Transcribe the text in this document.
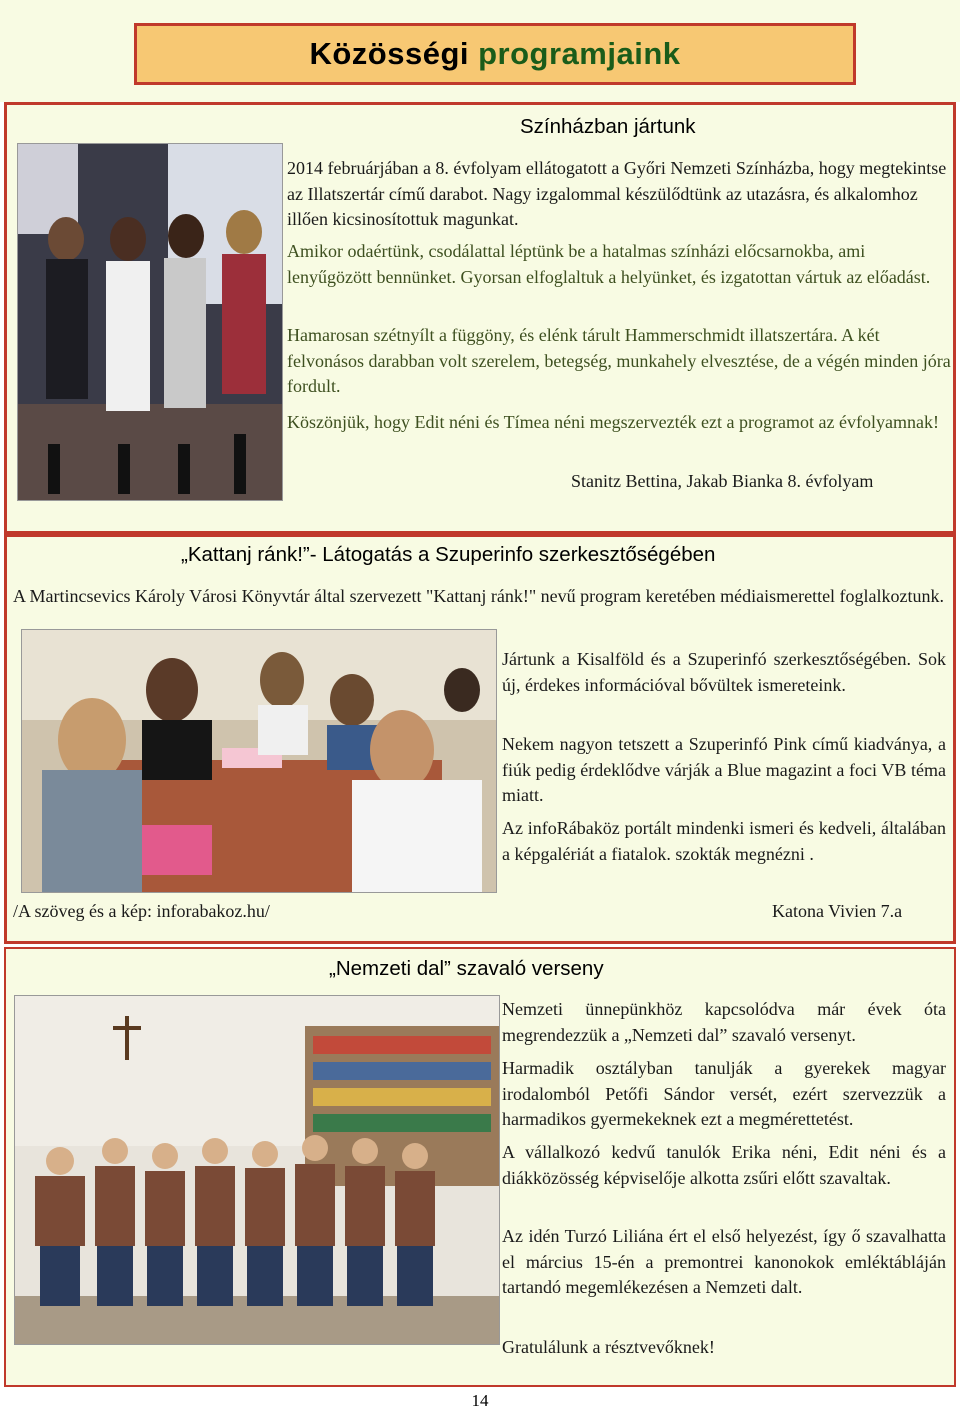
Közösségi programjaink
Színházban jártunk

2014 februárjában a 8. évfolyam ellátogatott a Győri Nemzeti Színházba, hogy megtekintse az Illatszertár című darabot. Nagy izgalommal készülődtünk az utazásra, és alkalomhoz illően kicsinosítottuk magunkat.

Amikor odaértünk, csodálattal léptünk be a hatalmas színházi előcsarnokba, ami lenyűgözött bennünket. Gyorsan elfoglaltuk a helyünket, és izgatottan vártuk az előadást.

Hamarosan szétnyílt a függöny, és elénk tárult Hammerschmidt illatszertára. A két felvonásos darabban volt szerelem, betegség, munkahely elvesztése, de a végén minden jóra fordult.

Köszönjük, hogy Edit néni és Tímea néni megszervezték ezt a programot az évfolyamnak!

Stanitz Bettina, Jakab Bianka 8. évfolyam
„Kattanj ránk!”- Látogatás a Szuperinfo szerkesztőségében

A Martincsevics Károly Városi Könyvtár által szervezett "Kattanj ránk!" nevű program keretében médiaismerettel foglalkoztunk.

Jártunk a Kisalföld és a Szuperinfó szerkesztőségében. Sok új, érdekes információval bővültek ismereteink.

Nekem nagyon tetszett a Szuperinfó Pink című kiadványa, a fiúk pedig érdeklődve várják a Blue magazint a foci VB téma miatt.

Az infoRábaköz portált mindenki ismeri és kedveli, általában a képgalériát a fiatalok. szokták megnézni .

/A szöveg és a kép: inforabakoz.hu/	Katona Vivien 7.a
„Nemzeti dal” szavaló verseny

Nemzeti ünnepünkhöz kapcsolódva már évek óta megrendezzük a „Nemzeti dal” szavaló versenyt.

Harmadik osztályban tanulják a gyerekek magyar irodalomból Petőfi Sándor versét, ezért szervezzük a harmadikos gyermekeknek ezt a megmérettetést.

A vállalkozó kedvű tanulók Erika néni, Edit néni és a diákközösség képviselője alkotta zsűri előtt szavaltak.

Az idén Turzó Liliána ért el első helyezést, így ő szavalhatta el március 15-én a premontrei kanonokok emléktábláján tartandó megemlékezésen a Nemzeti dalt.

Gratulálunk a résztvevőknek!

14
